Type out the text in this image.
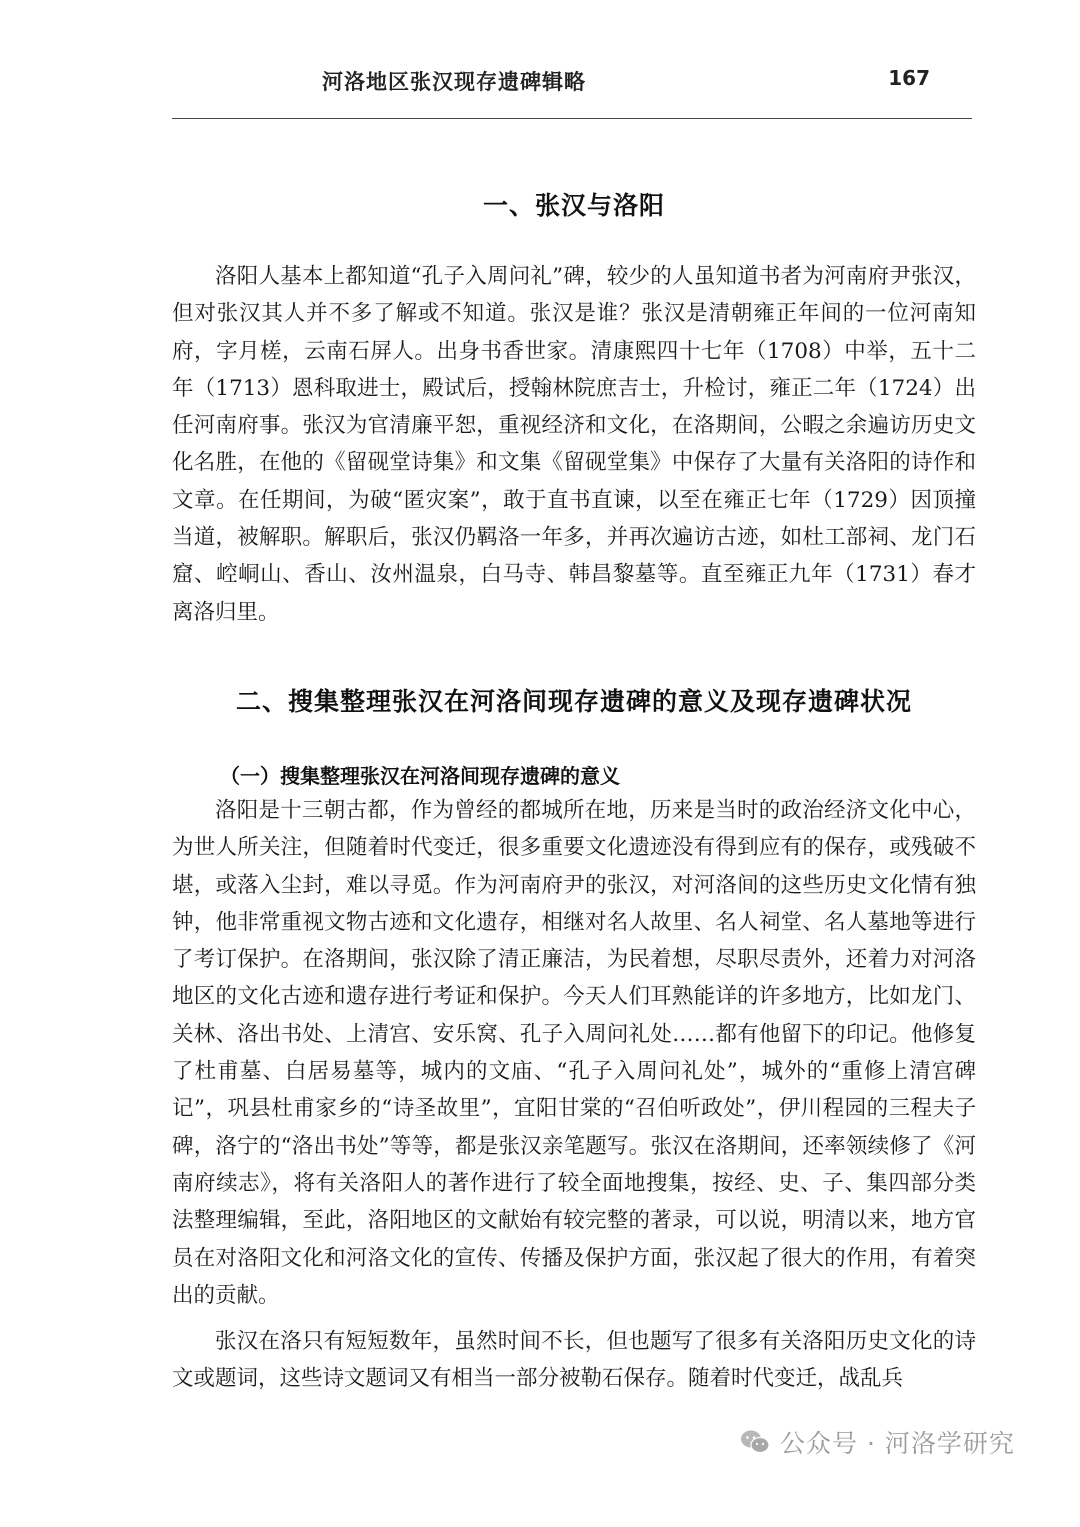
河洛地区张汉现存遗碑辑略	167
一、张汉与洛阳

洛阳人基本上都知道“孔子入周问礼”碑，较少的人虽知道书者为河南府尹张汉，但对张汉其人并不多了解或不知道。张汉是谁？张汉是清朝雍正年间的一位河南知府，字月槎，云南石屏人。出身书香世家。清康熙四十七年（1708）中举，五十二年（1713）恩科取进士，殿试后，授翰林院庶吉士，升检讨，雍正二年（1724）出任河南府事。张汉为官清廉平恕，重视经济和文化，在洛期间，公暇之余遍访历史文化名胜，在他的《留砚堂诗集》和文集《留砚堂集》中保存了大量有关洛阳的诗作和文章。在任期间，为破“匿灾案”，敢于直书直谏，以至在雍正七年（1729）因顶撞当道，被解职。解职后，张汉仍羁洛一年多，并再次遍访古迹，如杜工部祠、龙门石窟、崆峒山、香山、汝州温泉，白马寺、韩昌黎墓等。直至雍正九年（1731）春才离洛归里。

二、搜集整理张汉在河洛间现存遗碑的意义及现存遗碑状况
（一）搜集整理张汉在河洛间现存遗碑的意义

洛阳是十三朝古都，作为曾经的都城所在地，历来是当时的政治经济文化中心，为世人所关注，但随着时代变迁，很多重要文化遗迹没有得到应有的保存，或残破不堪，或落入尘封，难以寻觅。作为河南府尹的张汉，对河洛间的这些历史文化情有独钟，他非常重视文物古迹和文化遗存，相继对名人故里、名人祠堂、名人墓地等进行了考订保护。在洛期间，张汉除了清正廉洁，为民着想，尽职尽责外，还着力对河洛地区的文化古迹和遗存进行考证和保护。今天人们耳熟能详的许多地方，比如龙门、关林、洛出书处、上清宫、安乐窝、孔子入周问礼处……都有他留下的印记。他修复了杜甫墓、白居易墓等，城内的文庙、“孔子入周问礼处”，城外的“重修上清宫碑记”，巩县杜甫家乡的“诗圣故里”，宜阳甘棠的“召伯听政处”，伊川程园的三程夫子碑，洛宁的“洛出书处”等等，都是张汉亲笔题写。张汉在洛期间，还率领续修了《河南府续志》，将有关洛阳人的著作进行了较全面地搜集，按经、史、子、集四部分类法整理编辑，至此，洛阳地区的文献始有较完整的著录，可以说，明清以来，地方官员在对洛阳文化和河洛文化的宣传、传播及保护方面，张汉起了很大的作用，有着突出的贡献。

张汉在洛只有短短数年，虽然时间不长，但也题写了很多有关洛阳历史文化的诗文或题词，这些诗文题词又有相当一部分被勒石保存。随着时代变迁，战乱兵

公众号 · 河洛学研究
